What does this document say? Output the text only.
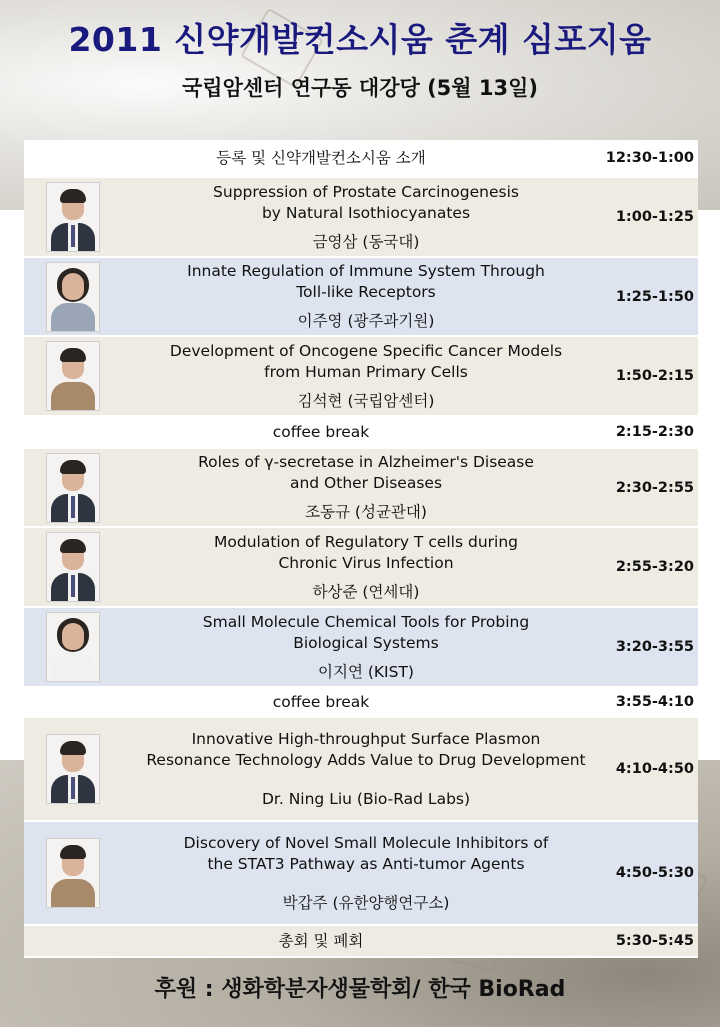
2011 신약개발컨소시움 춘계 심포지움
국립암센터 연구동 대강당 (5월 13일)
등록 및 신약개발컨소시움 소개	12:30-1:00
Suppression of Prostate Carcinogenesis
by Natural Isothiocyanates
금영삼 (동국대)
1:00-1:25
Innate Regulation of Immune System Through
Toll-like Receptors
이주영 (광주과기원)
1:25-1:50
Development of Oncogene Specific Cancer Models
from Human Primary Cells
김석현 (국립암센터)
1:50-2:15
coffee break	2:15-2:30
Roles of γ-secretase in Alzheimer's Disease
and Other Diseases
조동규 (성균관대)
2:30-2:55
Modulation of Regulatory T cells during
Chronic Virus Infection
하상준 (연세대)
2:55-3:20
Small Molecule Chemical Tools for Probing
Biological Systems
이지연 (KIST)
3:20-3:55
coffee break	3:55-4:10
Innovative High-throughput Surface Plasmon
Resonance Technology Adds Value to Drug Development
Dr. Ning Liu (Bio-Rad Labs)
4:10-4:50
Discovery of Novel Small Molecule Inhibitors of
the STAT3 Pathway as Anti-tumor Agents
박갑주 (유한양행연구소)
4:50-5:30
총회 및 폐회	5:30-5:45
후원 : 생화학분자생물학회/ 한국 BioRad
